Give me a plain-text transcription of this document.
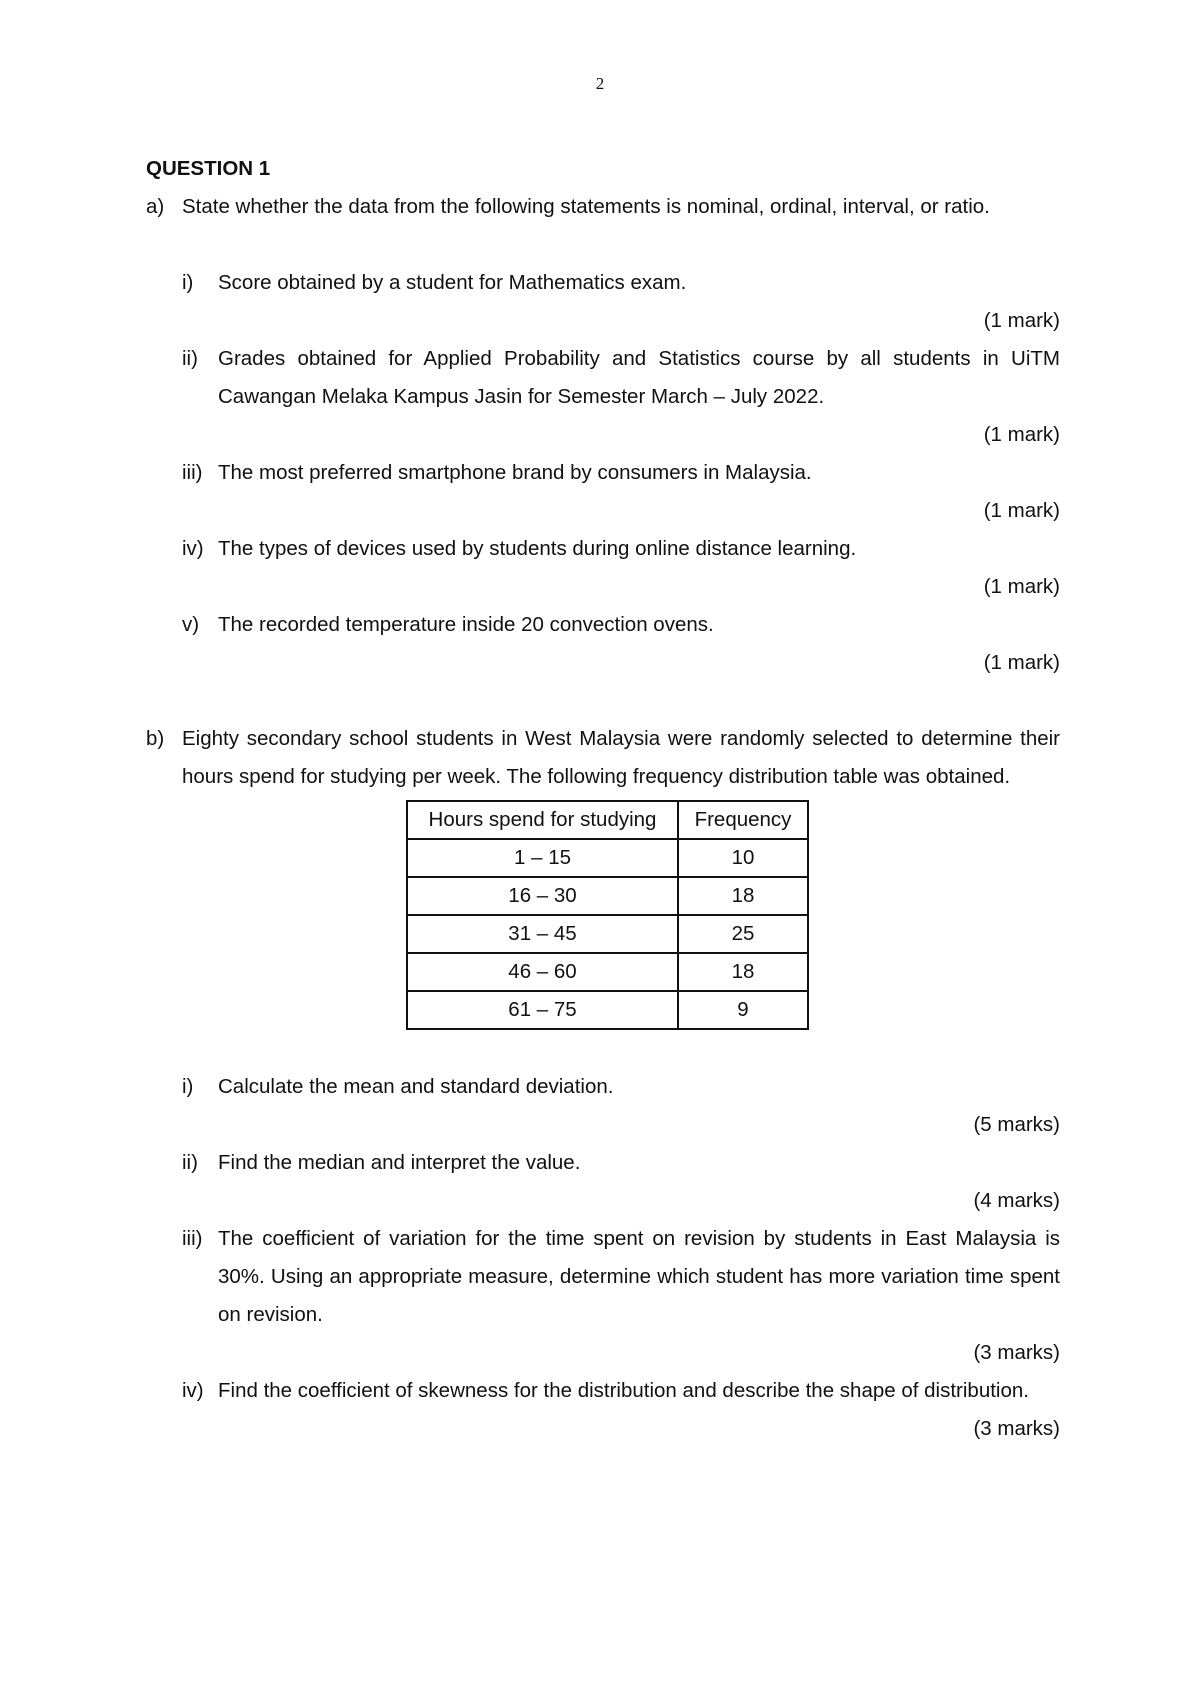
2
QUESTION 1
a) State whether the data from the following statements is nominal, ordinal, interval, or ratio.
i)	Score obtained by a student for Mathematics exam.
(1 mark)
ii) Grades obtained for Applied Probability and Statistics course by all students in UiTM Cawangan Melaka Kampus Jasin for Semester March – July 2022.
(1 mark)
iii) The most preferred smartphone brand by consumers in Malaysia.
(1 mark)
iv) The types of devices used by students during online distance learning.
(1 mark)
v) The recorded temperature inside 20 convection ovens.
(1 mark)
b) Eighty secondary school students in West Malaysia were randomly selected to determine their hours spend for studying per week. The following frequency distribution table was obtained.
Hours spend for studying	Frequency
1 – 15	10
16 – 30	18
31 – 45	25
46 – 60	18
61 – 75	9
i)	Calculate the mean and standard deviation.
(5 marks)
ii) Find the median and interpret the value.
(4 marks)
iii) The coefficient of variation for the time spent on revision by students in East Malaysia is 30%. Using an appropriate measure, determine which student has more variation time spent on revision.
(3 marks)
iv) Find the coefficient of skewness for the distribution and describe the shape of distribution.
(3 marks)
